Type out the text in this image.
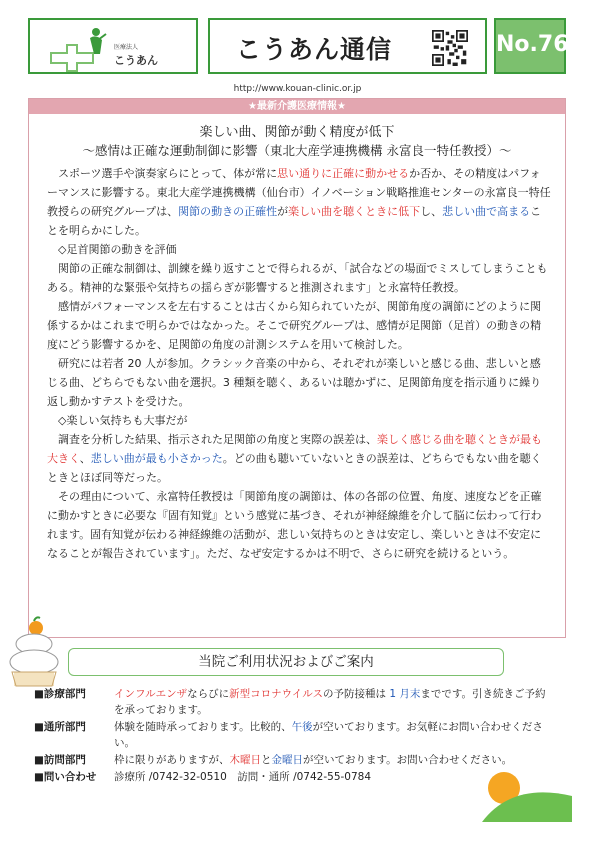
医療法人
こうあん	こうあん通信	No.76
http://www.kouan-clinic.or.jp
★最新介護医療情報★
楽しい曲、関節が動く精度が低下
～感情は正確な運動制御に影響（東北大産学連携機構 永富良一特任教授）～

スポーツ選手や演奏家らにとって、体が常に思い通りに正確に動かせるか否か、その精度はパフォーマンスに影響する。東北大産学連携機構（仙台市）イノベーション戦略推進センターの永富良一特任教授らの研究グループは、関節の動きの正確性が楽しい曲を聴くときに低下し、悲しい曲で高まることを明らかにした。

◇足首関節の動きを評価

関節の正確な制御は、訓練を繰り返すことで得られるが、「試合などの場面でミスしてしまうこともある。精神的な緊張や気持ちの揺らぎが影響すると推測されます」と永富特任教授。

感情がパフォーマンスを左右することは古くから知られていたが、関節角度の調節にどのように関係するかはこれまで明らかではなかった。そこで研究グループは、感情が足関節（足首）の動きの精度にどう影響するかを、足関節の角度の計測システムを用いて検討した。

研究には若者 20 人が参加。クラシック音楽の中から、それぞれが楽しいと感じる曲、悲しいと感じる曲、どちらでもない曲を選択。3 種類を聴く、あるいは聴かずに、足関節角度を指示通りに繰り返し動かすテストを受けた。

◇楽しい気持ちも大事だが

調査を分析した結果、指示された足関節の角度と実際の誤差は、楽しく感じる曲を聴くときが最も大きく、悲しい曲が最も小さかった。どの曲も聴いていないときの誤差は、どちらでもない曲を聴くときとほぼ同等だった。

その理由について、永富特任教授は「関節角度の調節は、体の各部の位置、角度、速度などを正確に動かすときに必要な『固有知覚』という感覚に基づき、それが神経線維を介して脳に伝わって行われます。固有知覚が伝わる神経線維の活動が、悲しい気持ちのときは安定し、楽しいときは不安定になることが報告されています」。ただ、なぜ安定するかは不明で、さらに研究を続けるという。

当院ご利用状況およびご案内
■診療部門	インフルエンザならびに新型コロナウイルスの予防接種は 1 月末までです。引き続きご予約を承っております。
■通所部門	体験を随時承っております。比較的、午後が空いております。お気軽にお問い合わせください。
■訪問部門	枠に限りがありますが、木曜日と金曜日が空いております。お問い合わせください。
■問い合わせ	診療所 /0742-32-0510　訪問・通所 /0742-55-0784
